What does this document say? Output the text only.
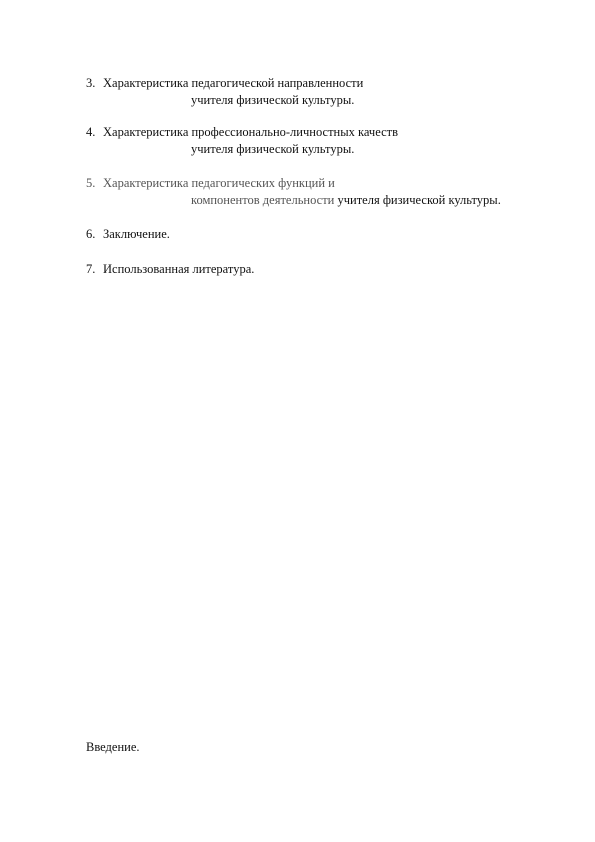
3. Характеристика педагогической направленности
учителя физической культуры.
4. Характеристика профессионально-личностных качеств
учителя физической культуры.
5. Характеристика педагогических функций и
компонентов деятельности учителя физической культуры.
6. Заключение.
7. Использованная литература.
Введение.
